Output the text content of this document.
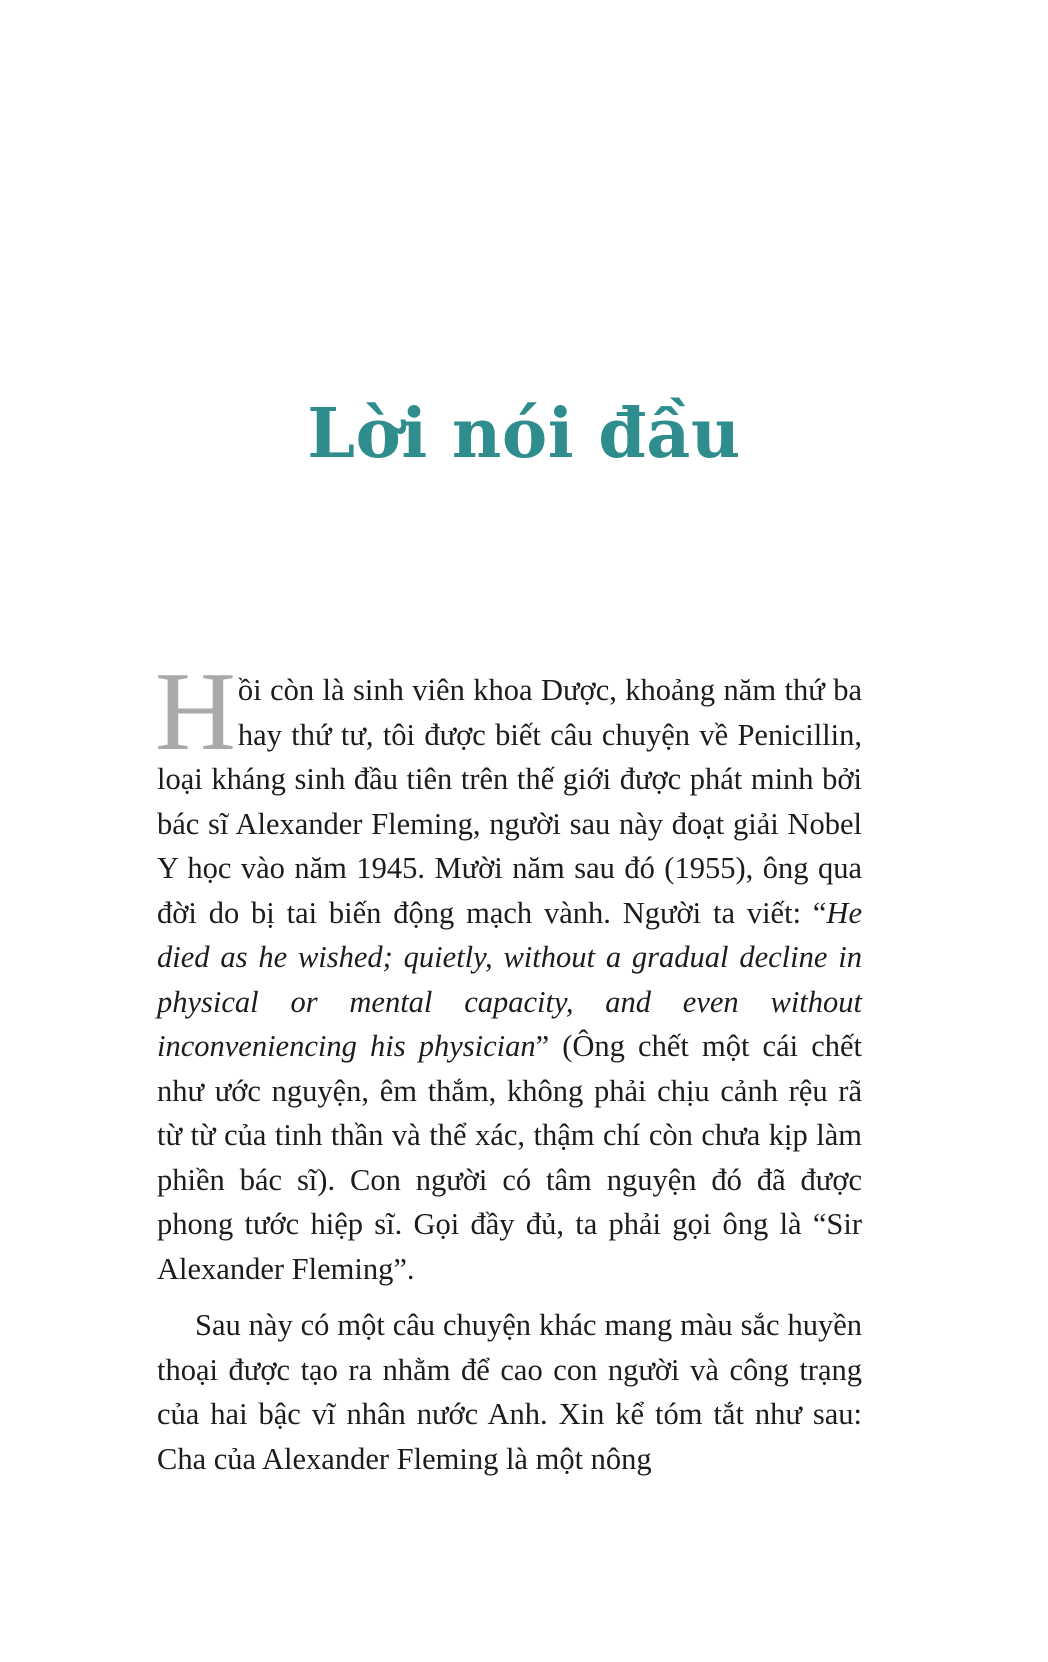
Lời nói đầu

Hồi còn là sinh viên khoa Dược, khoảng năm thứ ba hay thứ tư, tôi được biết câu chuyện về Penicillin, loại kháng sinh đầu tiên trên thế giới được phát minh bởi bác sĩ Alexander Fleming, người sau này đoạt giải Nobel Y học vào năm 1945. Mười năm sau đó (1955), ông qua đời do bị tai biến động mạch vành. Người ta viết: “He died as he wished; quietly, without a gradual decline in physical or mental capacity, and even without inconveniencing his physician” (Ông chết một cái chết như ước nguyện, êm thắm, không phải chịu cảnh rệu rã từ từ của tinh thần và thể xác, thậm chí còn chưa kịp làm phiền bác sĩ). Con người có tâm nguyện đó đã được phong tước hiệp sĩ. Gọi đầy đủ, ta phải gọi ông là “Sir Alexander Fleming”.

Sau này có một câu chuyện khác mang màu sắc huyền thoại được tạo ra nhằm để cao con người và công trạng của hai bậc vĩ nhân nước Anh. Xin kể tóm tắt như sau: Cha của Alexander Fleming là một nông
